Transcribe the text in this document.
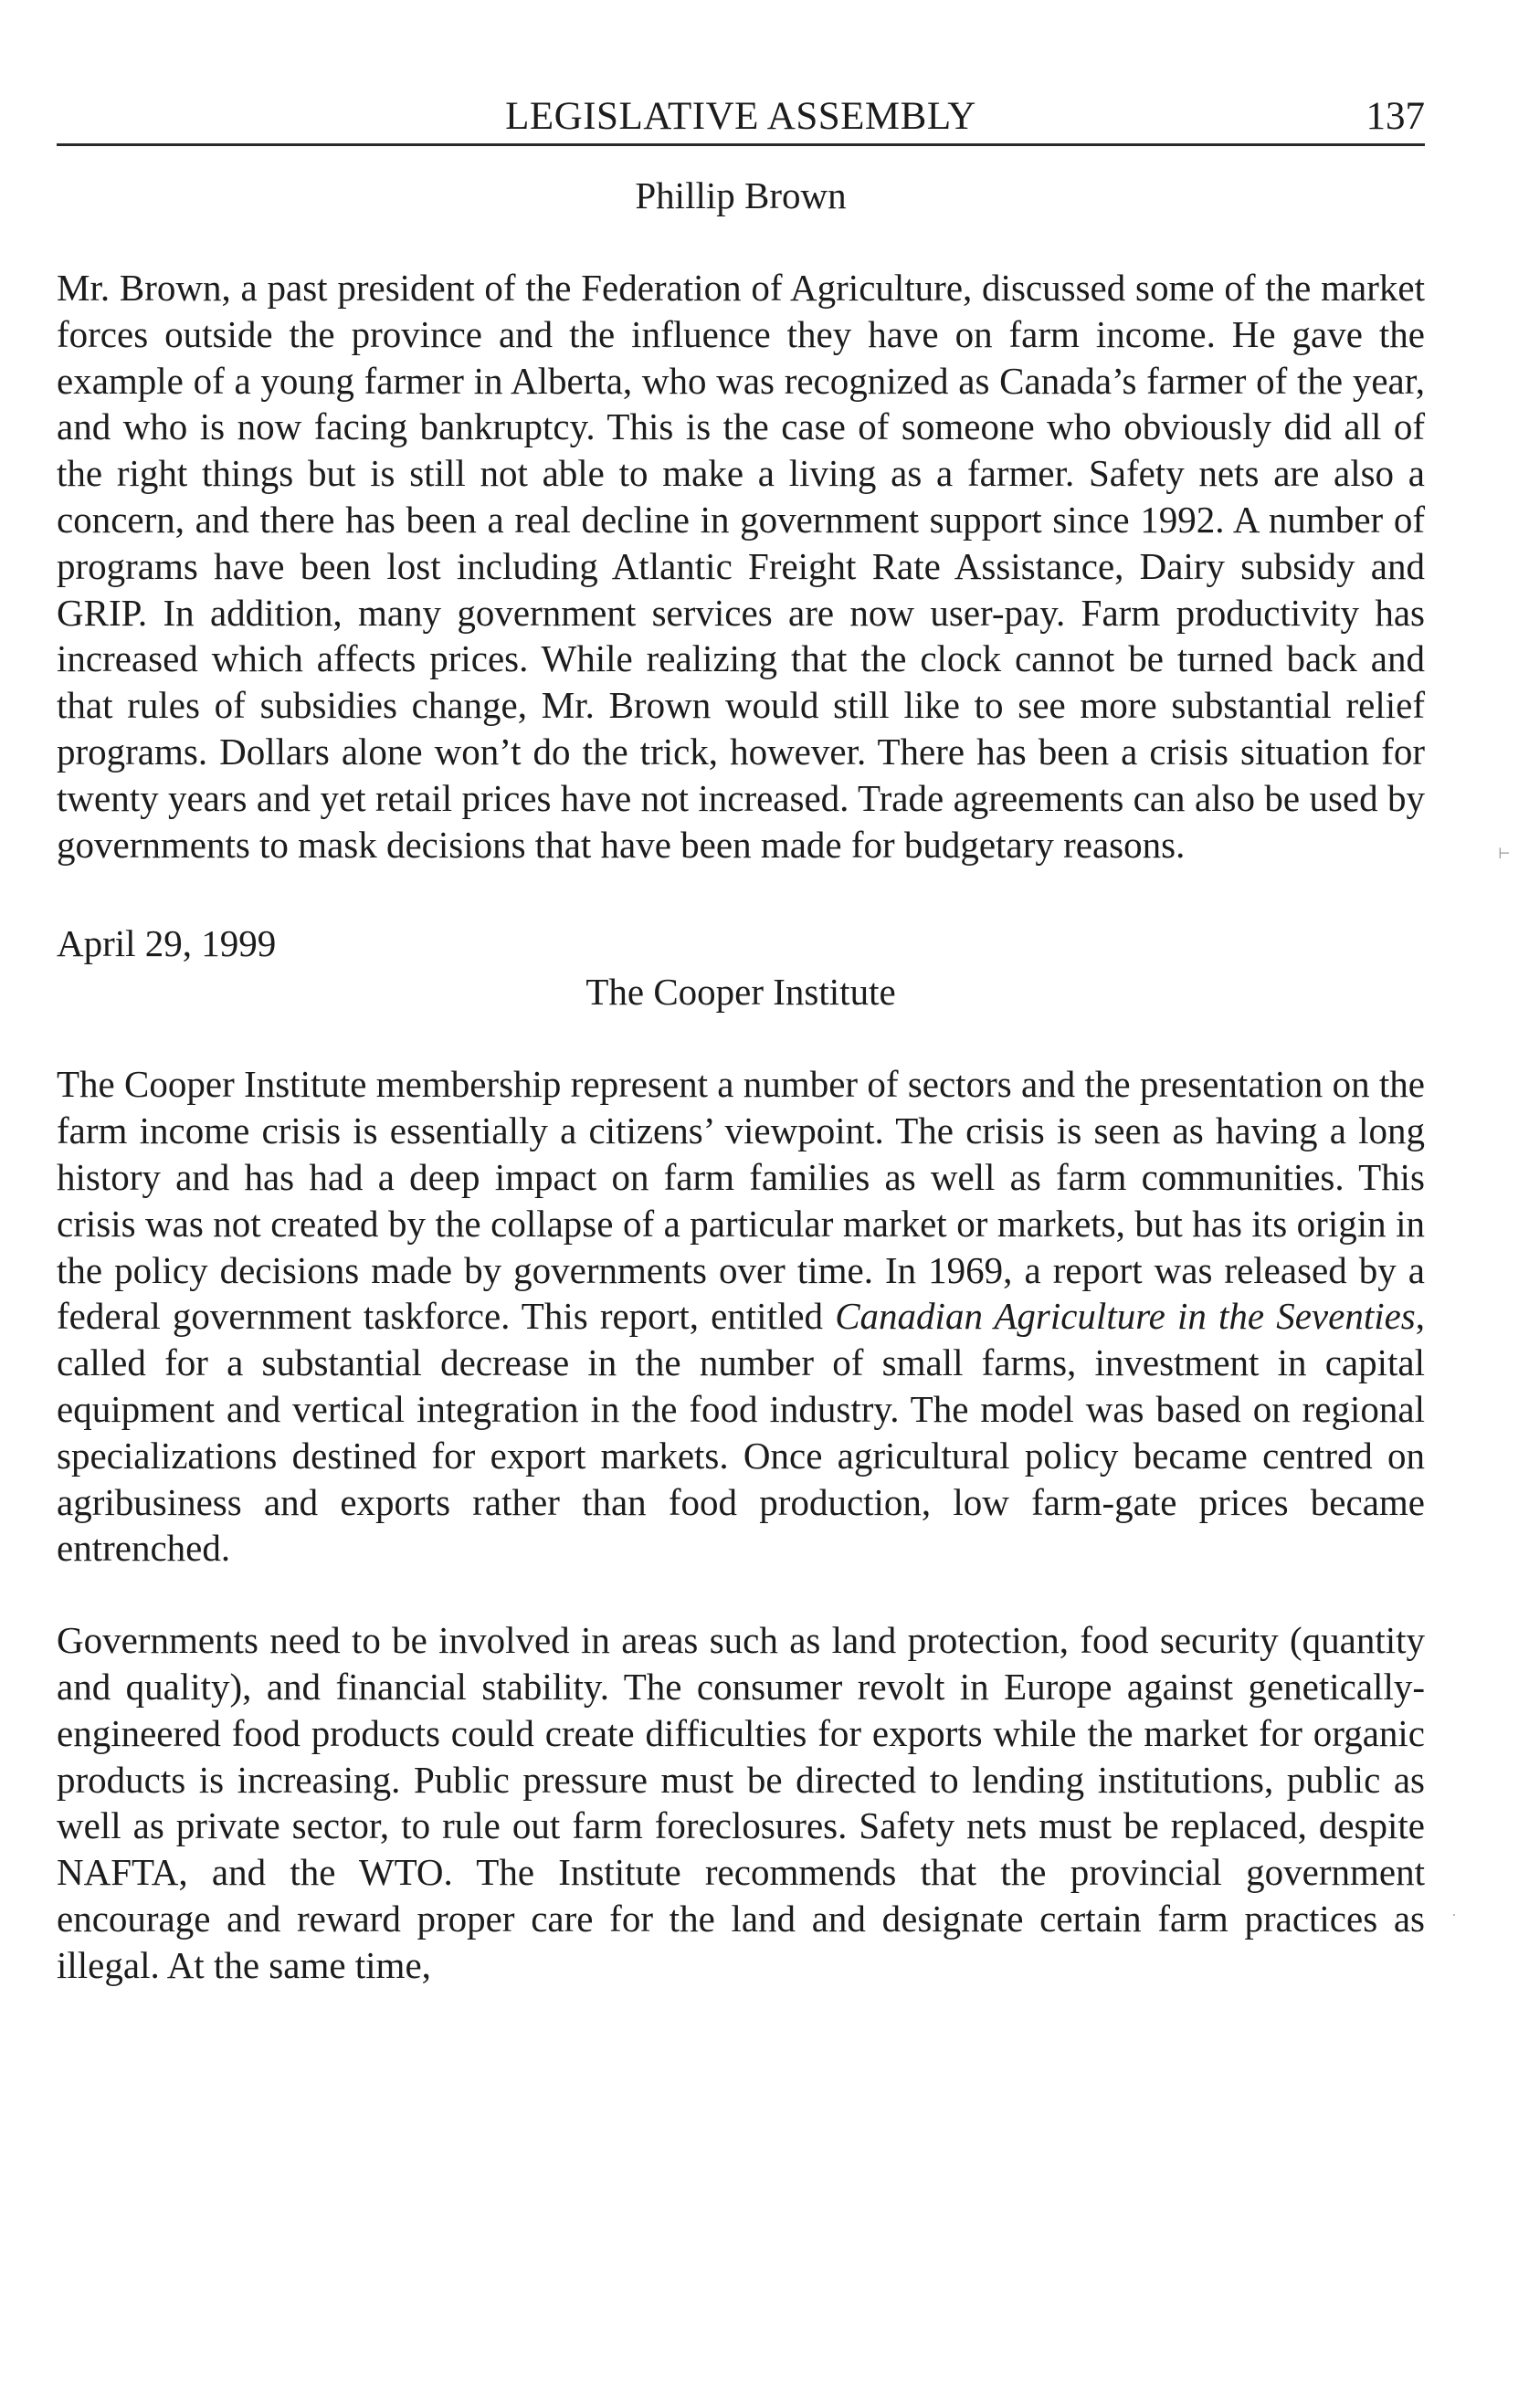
LEGISLATIVE ASSEMBLY	137

Phillip Brown

Mr. Brown, a past president of the Federation of Agriculture, discussed some of the market forces outside the province and the influence they have on farm income. He gave the example of a young farmer in Alberta, who was recognized as Canada’s farmer of the year, and who is now facing bankruptcy. This is the case of someone who obviously did all of the right things but is still not able to make a living as a farmer. Safety nets are also a concern, and there has been a real decline in government support since 1992. A number of programs have been lost including Atlantic Freight Rate Assistance, Dairy subsidy and GRIP. In addition, many government services are now user-pay. Farm productivity has increased which affects prices. While realizing that the clock cannot be turned back and that rules of subsidies change, Mr. Brown would still like to see more substantial relief programs. Dollars alone won’t do the trick, however. There has been a crisis situation for twenty years and yet retail prices have not increased. Trade agreements can also be used by governments to mask decisions that have been made for budgetary reasons.

April 29, 1999

The Cooper Institute

The Cooper Institute membership represent a number of sectors and the presentation on the farm income crisis is essentially a citizens’ viewpoint. The crisis is seen as having a long history and has had a deep impact on farm families as well as farm communities. This crisis was not created by the collapse of a particular market or markets, but has its origin in the policy decisions made by governments over time. In 1969, a report was released by a federal government taskforce. This report, entitled Canadian Agriculture in the Seventies, called for a substantial decrease in the number of small farms, investment in capital equipment and vertical integration in the food industry. The model was based on regional specializations destined for export markets. Once agricultural policy became centred on agribusiness and exports rather than food production, low farm-gate prices became entrenched.

Governments need to be involved in areas such as land protection, food security (quantity and quality), and financial stability. The consumer revolt in Europe against genetically-engineered food products could create difficulties for exports while the market for organic products is increasing. Public pressure must be directed to lending institutions, public as well as private sector, to rule out farm foreclosures. Safety nets must be replaced, despite NAFTA, and the WTO. The Institute recommends that the provincial government encourage and reward proper care for the land and designate certain farm practices as illegal. At the same time,

⊢
.
